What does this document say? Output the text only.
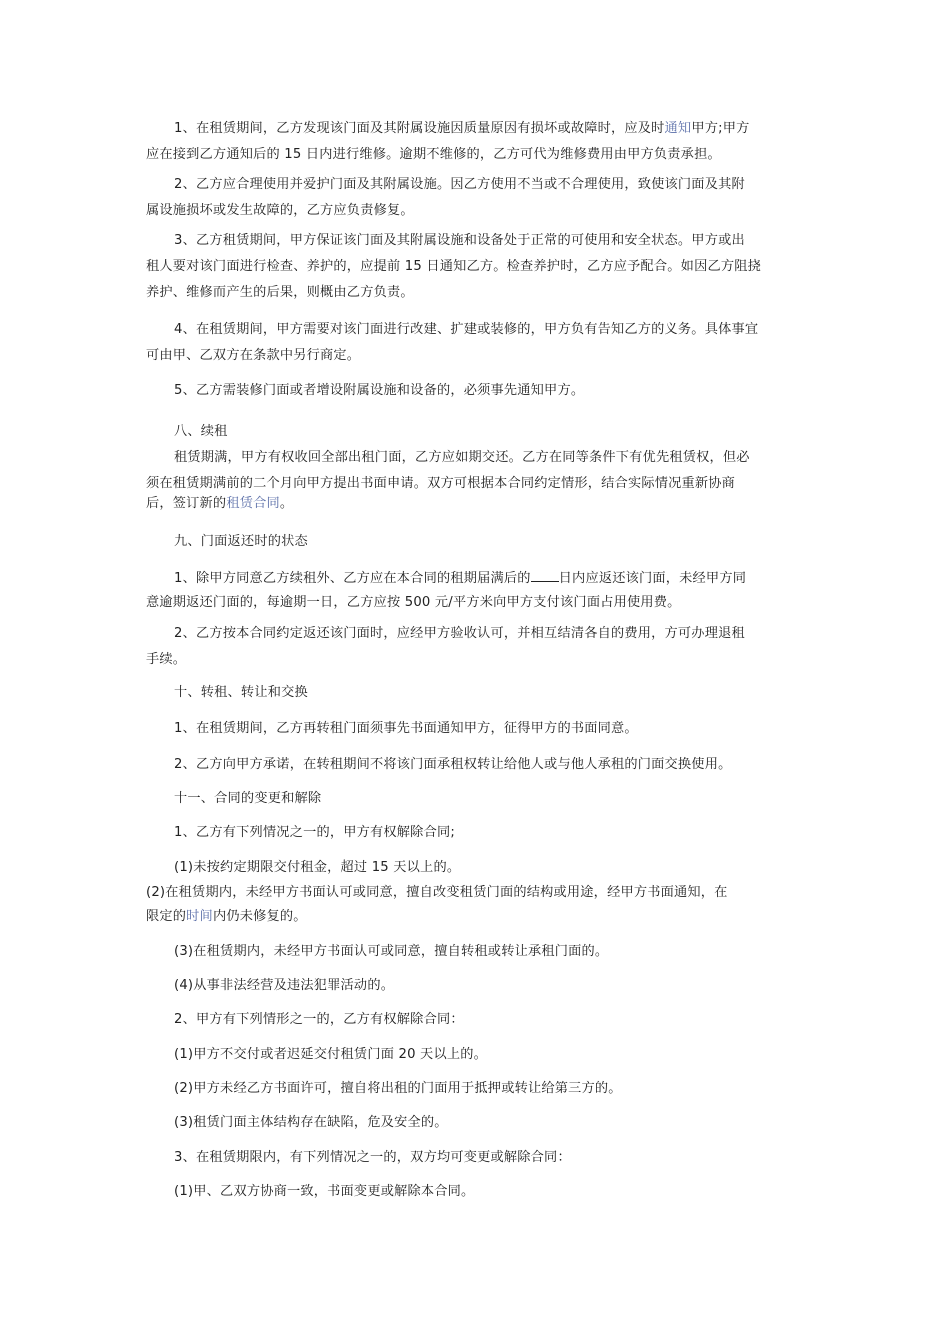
1、在租赁期间，乙方发现该门面及其附属设施因质量原因有损坏或故障时，应及时通知甲方;甲方
应在接到乙方通知后的 15 日内进行维修。逾期不维修的，乙方可代为维修费用由甲方负责承担。
2、乙方应合理使用并爱护门面及其附属设施。因乙方使用不当或不合理使用，致使该门面及其附
属设施损坏或发生故障的，乙方应负责修复。
3、乙方租赁期间，甲方保证该门面及其附属设施和设备处于正常的可使用和安全状态。甲方或出
租人要对该门面进行检查、养护的，应提前 15 日通知乙方。检查养护时，乙方应予配合。如因乙方阻挠
养护、维修而产生的后果，则概由乙方负责。
4、在租赁期间，甲方需要对该门面进行改建、扩建或装修的，甲方负有告知乙方的义务。具体事宜
可由甲、乙双方在条款中另行商定。
5、乙方需装修门面或者增设附属设施和设备的，必须事先通知甲方。
八、续租
租赁期满，甲方有权收回全部出租门面，乙方应如期交还。乙方在同等条件下有优先租赁权，但必
须在租赁期满前的二个月向甲方提出书面申请。双方可根据本合同约定情形，结合实际情况重新协商
后，签订新的租赁合同。
九、门面返还时的状态
1、除甲方同意乙方续租外、乙方应在本合同的租期届满后的 日内应返还该门面，未经甲方同
意逾期返还门面的，每逾期一日，乙方应按 500 元/平方米向甲方支付该门面占用使用费。
2、乙方按本合同约定返还该门面时，应经甲方验收认可，并相互结清各自的费用，方可办理退租
手续。
十、转租、转让和交换
1、在租赁期间，乙方再转租门面须事先书面通知甲方，征得甲方的书面同意。
2、乙方向甲方承诺，在转租期间不将该门面承租权转让给他人或与他人承租的门面交换使用。
十一、合同的变更和解除
1、乙方有下列情况之一的，甲方有权解除合同;
(1)未按约定期限交付租金，超过 15 天以上的。
(2)在租赁期内，未经甲方书面认可或同意，擅自改变租赁门面的结构或用途，经甲方书面通知，在
限定的时间内仍未修复的。
(3)在租赁期内，未经甲方书面认可或同意，擅自转租或转让承租门面的。
(4)从事非法经营及违法犯罪活动的。
2、甲方有下列情形之一的，乙方有权解除合同：
(1)甲方不交付或者迟延交付租赁门面 20 天以上的。
(2)甲方未经乙方书面许可，擅自将出租的门面用于抵押或转让给第三方的。
(3)租赁门面主体结构存在缺陷，危及安全的。
3、在租赁期限内，有下列情况之一的，双方均可变更或解除合同：
(1)甲、乙双方协商一致，书面变更或解除本合同。
